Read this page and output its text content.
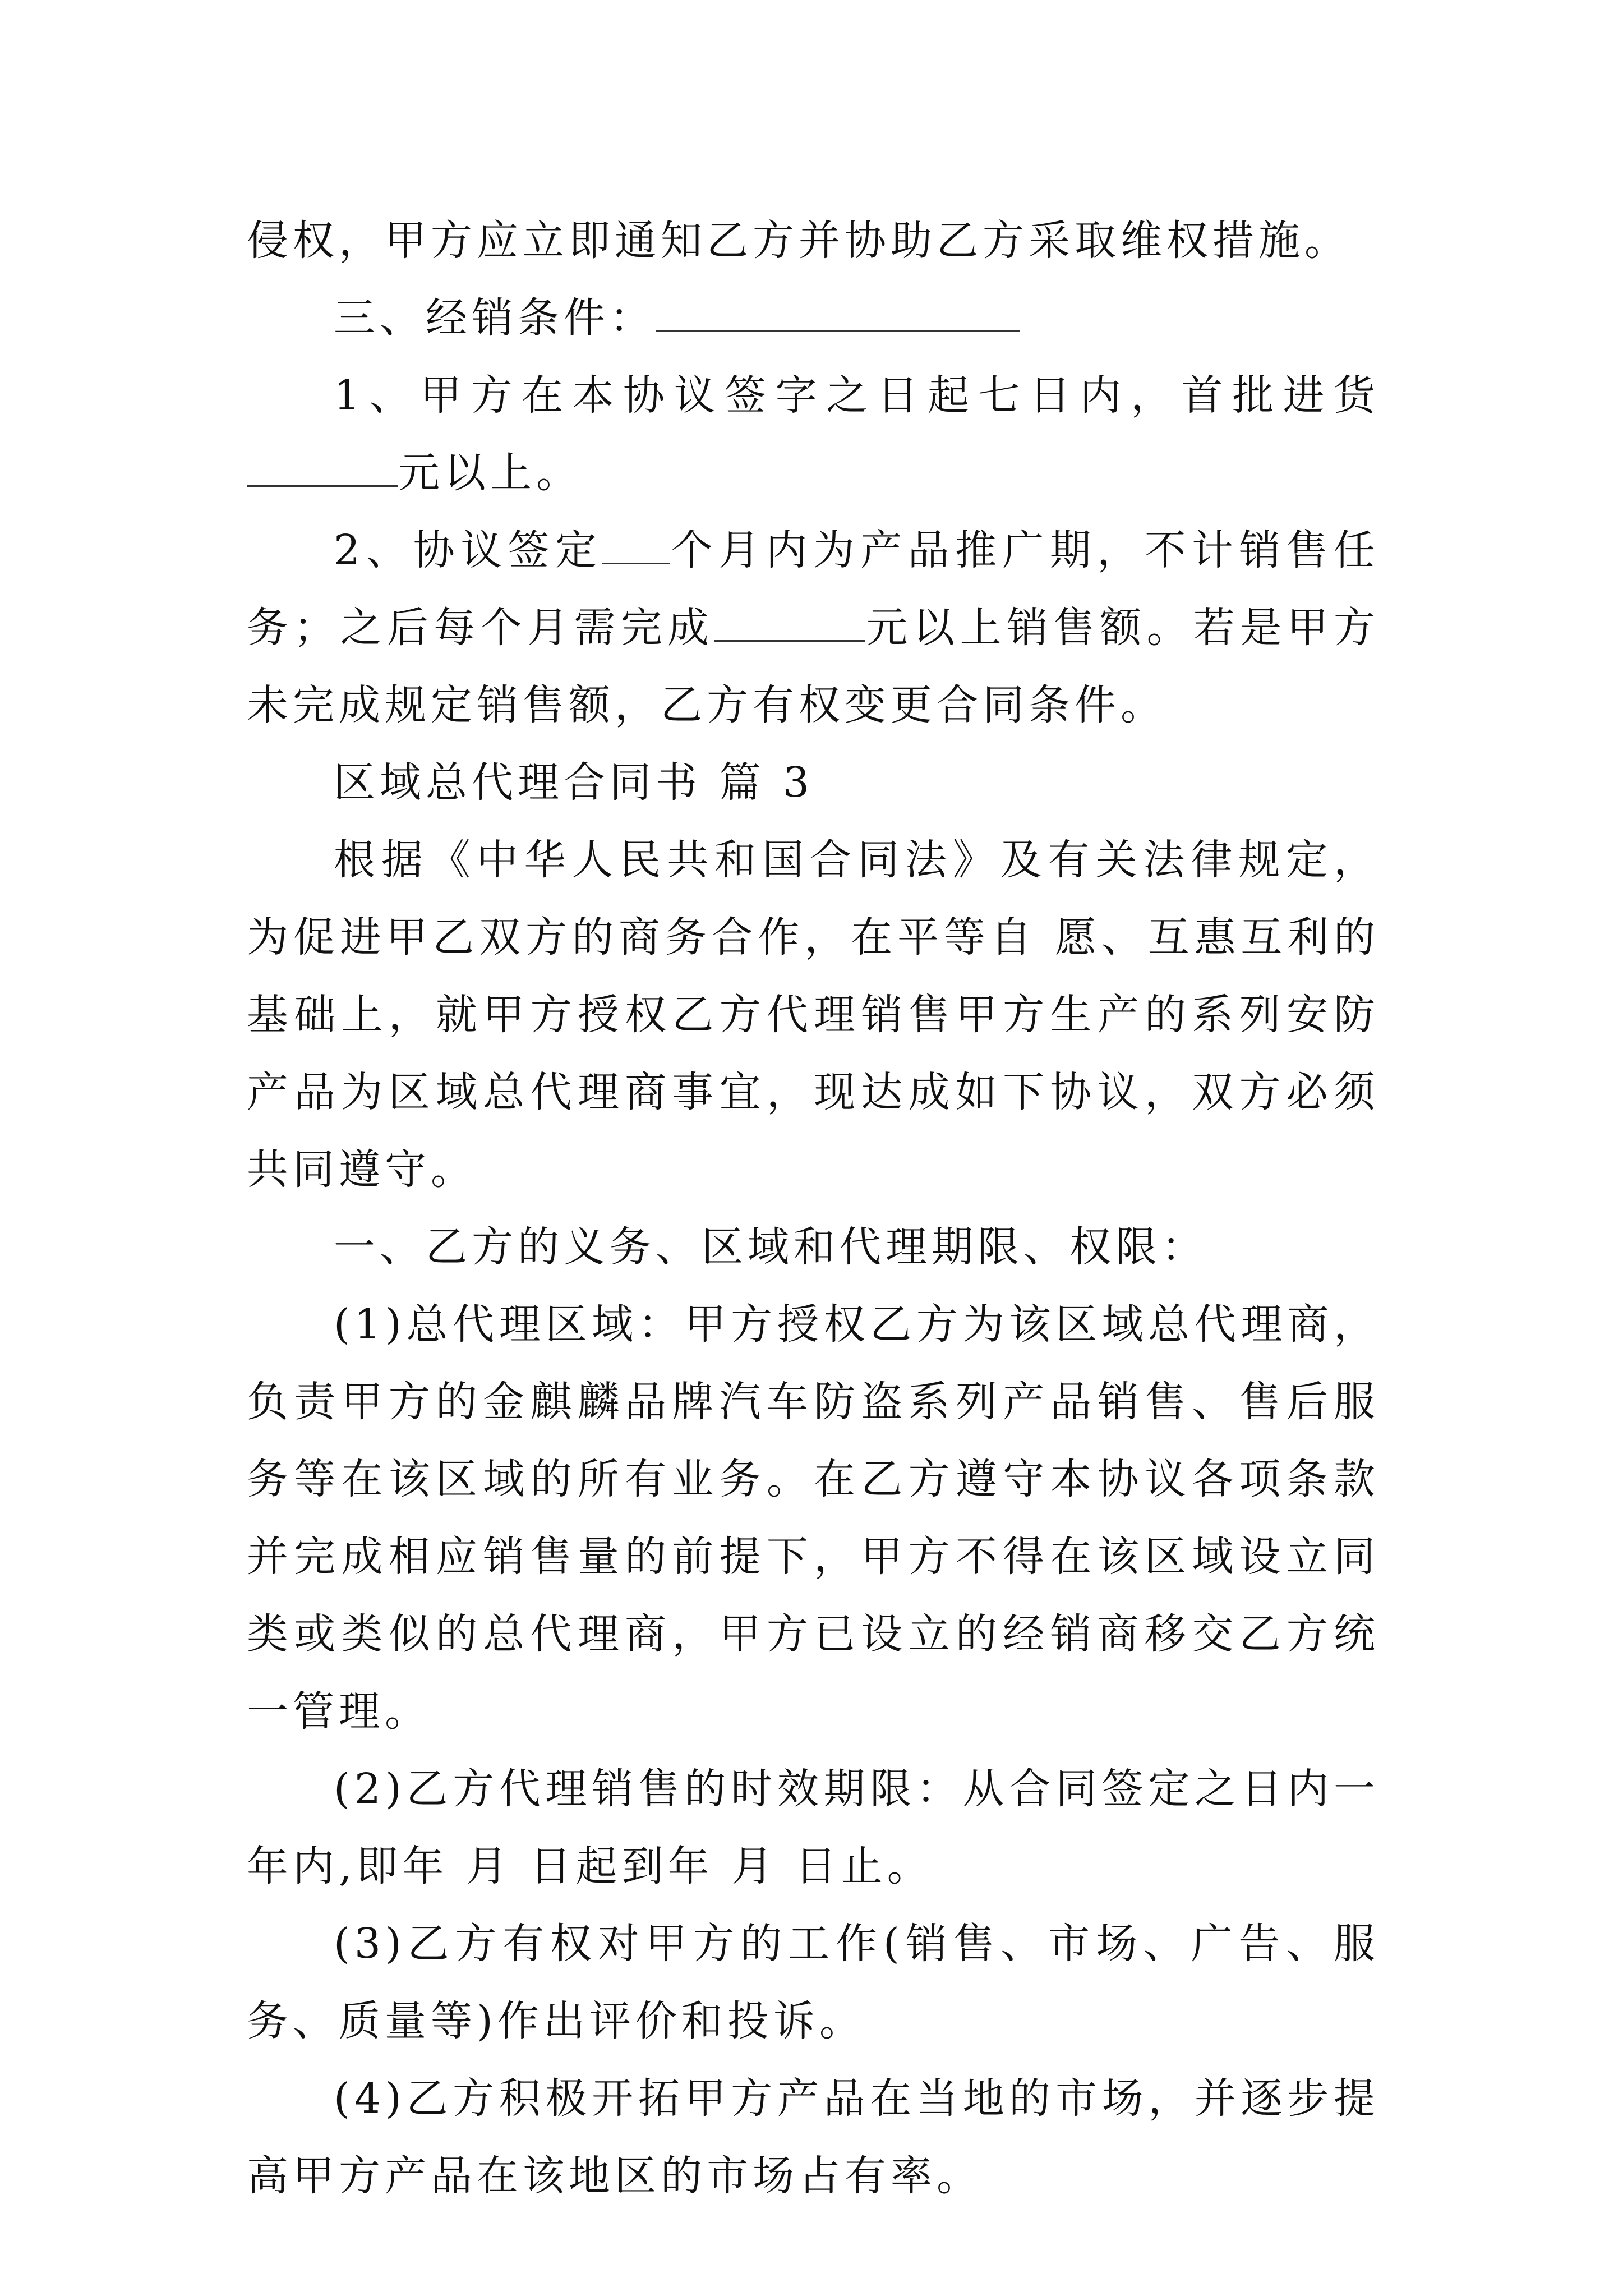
侵权，甲方应立即通知乙方并协助乙方采取维权措施。

三、经销条件：

1、甲方在本协议签字之日起七日内，首批进货元以上。

2、协议签定 个月内为产品推广期，不计销售任务；之后每个月需完成	元以上销售额。若是甲方未完成规定销售额，乙方有权变更合同条件。

区域总代理合同书 篇 3

根据《中华人民共和国合同法》及有关法律规定，为促进甲乙双方的商务合作，在平等自 愿、互惠互利的基础上，就甲方授权乙方代理销售甲方生产的系列安防产品为区域总代理商事宜，现达成如下协议，双方必须共同遵守。

一、乙方的义务、区域和代理期限、权限：

(1)总代理区域：甲方授权乙方为该区域总代理商，负责甲方的金麒麟品牌汽车防盗系列产品销售、售后服务等在该区域的所有业务。在乙方遵守本协议各项条款并完成相应销售量的前提下，甲方不得在该区域设立同类或类似的总代理商，甲方已设立的经销商移交乙方统一管理。

(2)乙方代理销售的时效期限：从合同签定之日内一年内,即年 月 日起到年 月 日止。

(3)乙方有权对甲方的工作(销售、市场、广告、服务、质量等)作出评价和投诉。

(4)乙方积极开拓甲方产品在当地的市场，并逐步提高甲方产品在该地区的市场占有率。
